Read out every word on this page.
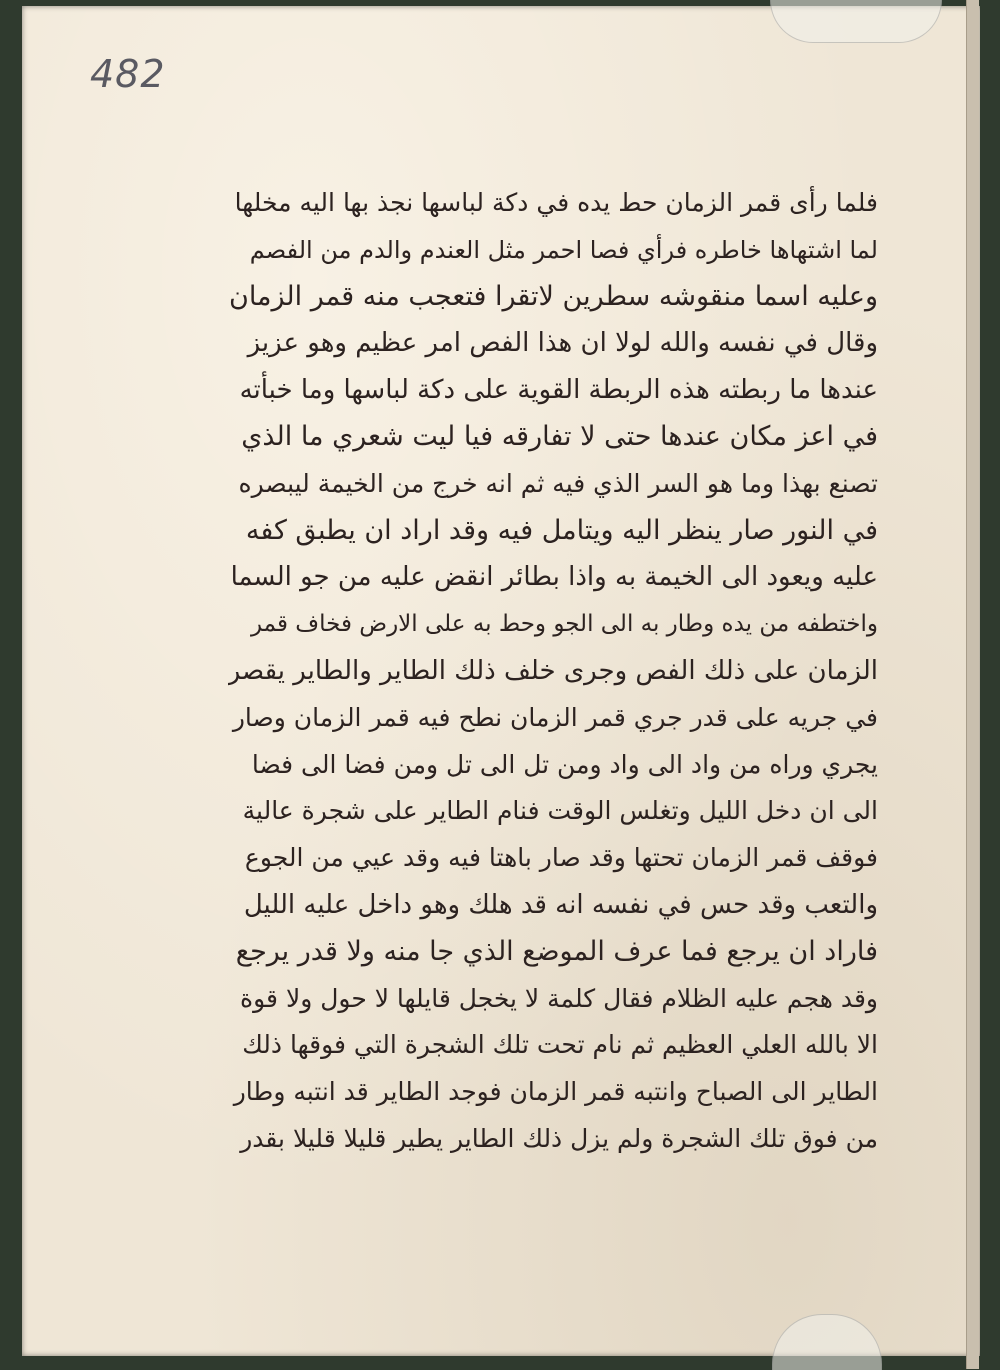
482
فلما رأى قمر الزمان حط يده في دكة لباسها نجذ بها اليه مخلها
لما اشتهاها خاطره فرأي فصا احمر مثل العندم والدم من الفصم
وعليه اسما منقوشه سطرين لاتقرا فتعجب منه قمر الزمان
وقال في نفسه والله لولا ان هذا الفص امر عظيم وهو عزيز
عندها ما ربطته هذه الربطة القوية على دكة لباسها وما خبأته
في اعز مكان عندها حتى لا تفارقه فيا ليت شعري ما الذي
تصنع بهذا وما هو السر الذي فيه ثم انه خرج من الخيمة ليبصره
في النور صار ينظر اليه ويتامل فيه وقد اراد ان يطبق كفه
عليه ويعود الى الخيمة به واذا بطائر انقض عليه من جو السما
واختطفه من يده وطار به الى الجو وحط به على الارض فخاف قمر
الزمان على ذلك الفص وجرى خلف ذلك الطاير والطاير يقصر
في جريه على قدر جري قمر الزمان نطح فيه قمر الزمان وصار
يجري وراه من واد الى واد ومن تل الى تل ومن فضا الى فضا
الى ان دخل الليل وتغلس الوقت فنام الطاير على شجرة عالية
فوقف قمر الزمان تحتها وقد صار باهتا فيه وقد عيي من الجوع
والتعب وقد حس في نفسه انه قد هلك وهو داخل عليه الليل
فاراد ان يرجع فما عرف الموضع الذي جا منه ولا قدر يرجع
وقد هجم عليه الظلام فقال كلمة لا يخجل قايلها لا حول ولا قوة
الا بالله العلي العظيم ثم نام تحت تلك الشجرة التي فوقها ذلك
الطاير الى الصباح وانتبه قمر الزمان فوجد الطاير قد انتبه وطار
من فوق تلك الشجرة ولم يزل ذلك الطاير يطير قليلا قليلا بقدر
